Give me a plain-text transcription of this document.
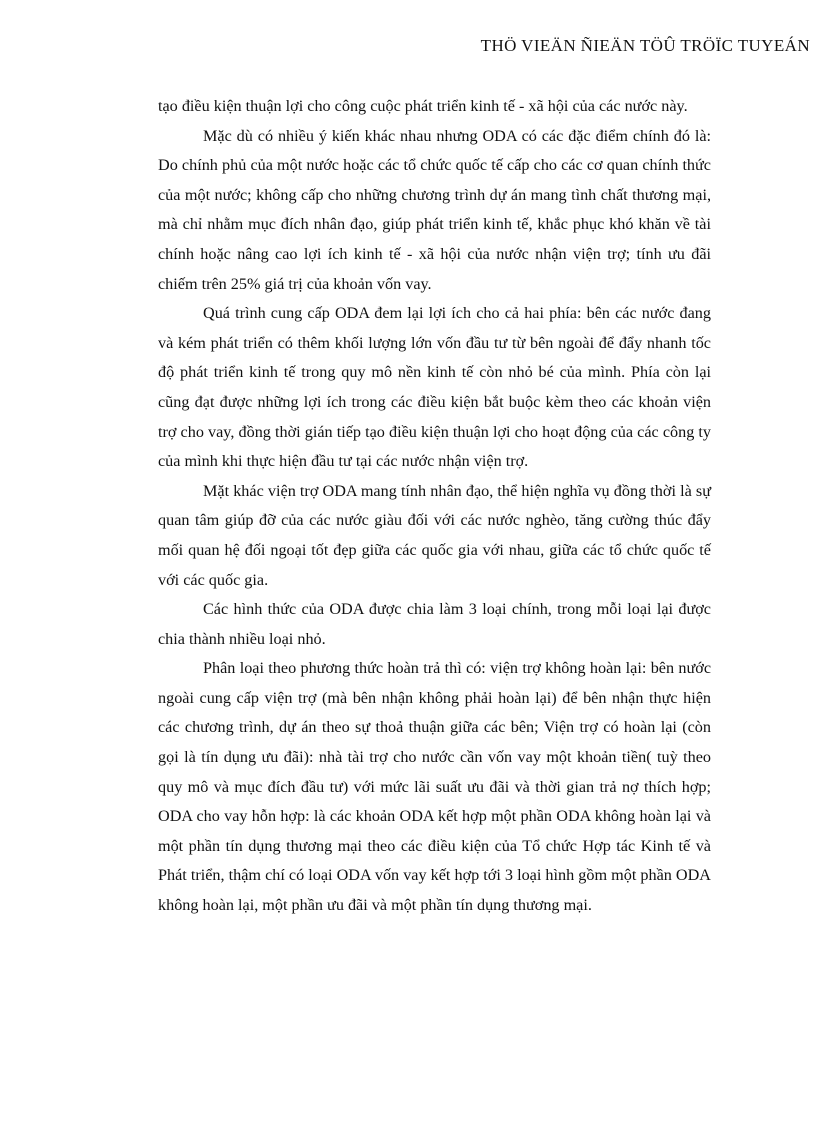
THÖ VIEÄN ÑIEÄN TÖÛ TRÖÏC TUYEÁN

tạo điều kiện thuận lợi cho công cuộc phát triển kinh tế - xã hội của các nước này.

Mặc dù có nhiều ý kiến khác nhau nhưng ODA có các đặc điểm chính đó là: Do chính phủ của một nước hoặc các tổ chức quốc tế cấp cho các cơ quan chính thức của một nước; không cấp cho những chương trình dự án mang tình chất thương mại, mà chỉ nhằm mục đích nhân đạo, giúp phát triển kinh tế, khắc phục khó khăn về tài chính hoặc nâng cao lợi ích kinh tế - xã hội của nước nhận viện trợ; tính ưu đãi chiếm trên 25% giá trị của khoản vốn vay.

Quá trình cung cấp ODA đem lại lợi ích cho cả hai phía: bên các nước đang và kém phát triển có thêm khối lượng lớn vốn đầu tư từ bên ngoài để đẩy nhanh tốc độ phát triển kinh tế trong quy mô nền kinh tế còn nhỏ bé của mình. Phía còn lại cũng đạt được những lợi ích trong các điều kiện bắt buộc kèm theo các khoản viện trợ cho vay, đồng thời gián tiếp tạo điều kiện thuận lợi cho hoạt động của các công ty của mình khi thực hiện đầu tư tại các nước nhận viện trợ.

Mặt khác viện trợ ODA mang tính nhân đạo, thể hiện nghĩa vụ đồng thời là sự quan tâm giúp đỡ của các nước giàu đối với các nước nghèo, tăng cường thúc đẩy mối quan hệ đối ngoại tốt đẹp giữa các quốc gia với nhau, giữa các tổ chức quốc tế với các quốc gia.

Các hình thức của ODA được chia làm 3 loại chính, trong mỗi loại lại được chia thành nhiều loại nhỏ.

Phân loại theo phương thức hoàn trả thì có: viện trợ không hoàn lại: bên nước ngoài cung cấp viện trợ (mà bên nhận không phải hoàn lại) để bên nhận thực hiện các chương trình, dự án theo sự thoả thuận giữa các bên; Viện trợ có hoàn lại (còn gọi là tín dụng ưu đãi): nhà tài trợ cho nước cần vốn vay một khoản tiền( tuỳ theo quy mô và mục đích đầu tư) với mức lãi suất ưu đãi và thời gian trả nợ thích hợp; ODA cho vay hỗn hợp: là các khoản ODA kết hợp một phần ODA không hoàn lại và một phần tín dụng thương mại theo các điều kiện của Tổ chức Hợp tác Kinh tế và Phát triển, thậm chí có loại ODA vốn vay kết hợp tới 3 loại hình gồm một phần ODA không hoàn lại, một phần ưu đãi và một phần tín dụng thương mại.
